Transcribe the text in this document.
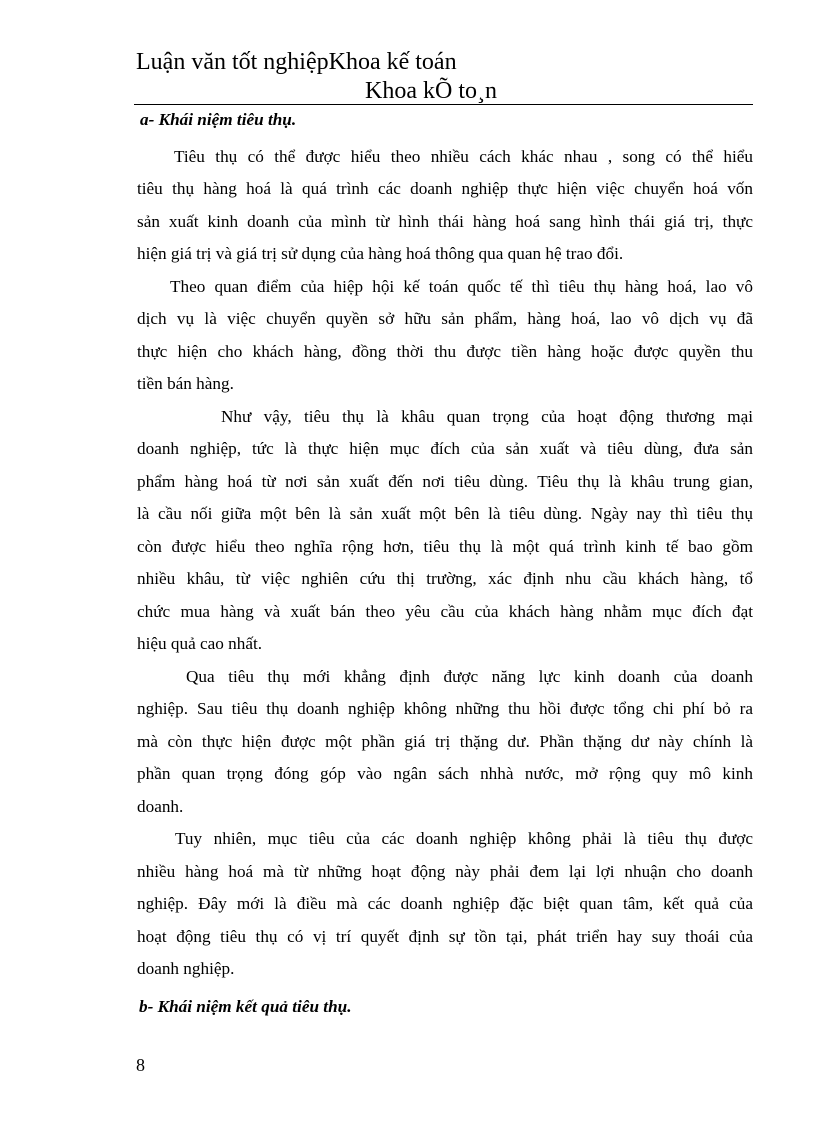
Luận văn tốt nghiệpKhoa kế toán
Khoa kÕ to¸n

a- Khái niệm tiêu thụ.

Tiêu thụ có thể được hiểu theo nhiều cách khác nhau , song có thể hiểu
tiêu thụ hàng hoá là quá trình các doanh nghiệp thực hiện việc chuyển hoá vốn
sản xuất kinh doanh của mình từ hình thái hàng hoá sang hình thái giá trị, thực
hiện giá trị và giá trị sử dụng của hàng hoá thông qua quan hệ trao đổi.

Theo quan điểm của hiệp hội kế toán quốc tế thì tiêu thụ hàng hoá, lao vô
dịch vụ là việc chuyển quyền sở hữu sản phẩm, hàng hoá, lao vô dịch vụ đã
thực hiện cho khách hàng, đồng thời thu được tiền hàng hoặc được quyền thu
tiền bán hàng.

Như vậy, tiêu thụ là khâu quan trọng của hoạt động thương mại
doanh nghiệp, tức là thực hiện mục đích của sản xuất và tiêu dùng, đưa sản
phẩm hàng hoá từ nơi sản xuất đến nơi tiêu dùng. Tiêu thụ là khâu trung gian,
là cầu nối giữa một bên là sản xuất một bên là tiêu dùng. Ngày nay thì tiêu thụ
còn được hiểu theo nghĩa rộng hơn, tiêu thụ là một quá trình kinh tế bao gồm
nhiều khâu, từ việc nghiên cứu thị trường, xác định nhu cầu khách hàng, tổ
chức mua hàng và xuất bán theo yêu cầu của khách hàng nhằm mục đích đạt
hiệu quả cao nhất.

Qua tiêu thụ mới khẳng định được năng lực kinh doanh của doanh
nghiệp. Sau tiêu thụ doanh nghiệp không những thu hồi được tổng chi phí bỏ ra
mà còn thực hiện được một phần giá trị thặng dư. Phần thặng dư này chính là
phần quan trọng đóng góp vào ngân sách nhhà nước, mở rộng quy mô kinh
doanh.

Tuy nhiên, mục tiêu của các doanh nghiệp không phải là tiêu thụ được
nhiều hàng hoá mà từ những hoạt động này phải đem lại lợi nhuận cho doanh
nghiệp. Đây mới là điều mà các doanh nghiệp đặc biệt quan tâm, kết quả của
hoạt động tiêu thụ có vị trí quyết định sự tồn tại, phát triển hay suy thoái của
doanh nghiệp.

b- Khái niệm kết quả tiêu thụ.

8
